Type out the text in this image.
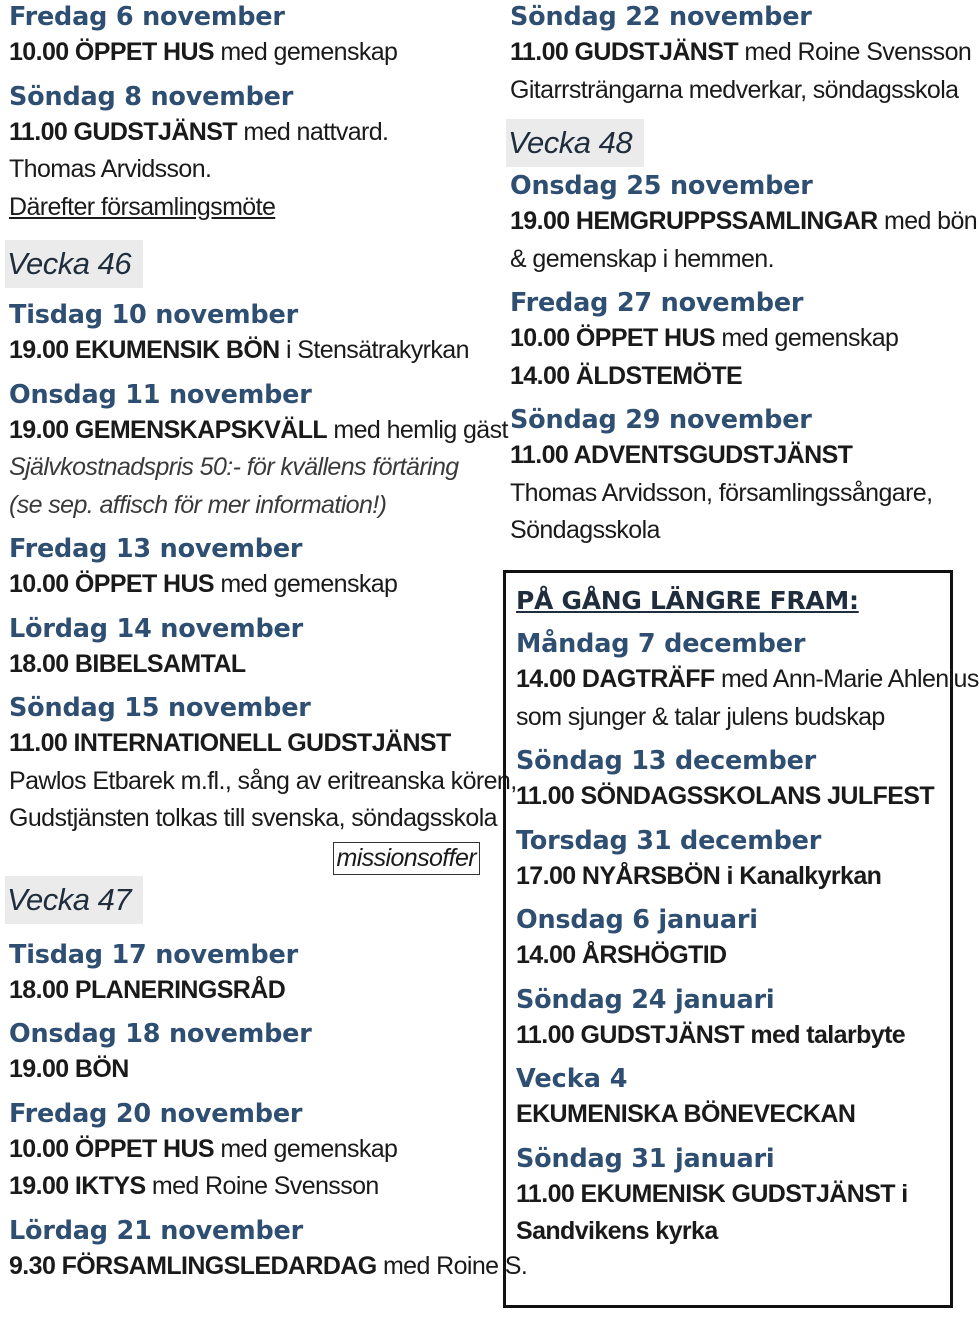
Fredag 6 november
10.00 ÖPPET HUS med gemenskap
Söndag 8 november
11.00 GUDSTJÄNST med nattvard.
Thomas Arvidsson.
Därefter församlingsmöte
Vecka 46
Tisdag 10 november
19.00 EKUMENSIK BÖN i Stensätrakyrkan
Onsdag 11 november
19.00 GEMENSKAPSKVÄLL med hemlig gäst
Självkostnadspris 50:- för kvällens förtäring
(se sep. affisch för mer information!)
Fredag 13 november
10.00 ÖPPET HUS med gemenskap
Lördag 14 november
18.00 BIBELSAMTAL
Söndag 15 november
11.00 INTERNATIONELL GUDSTJÄNST
Pawlos Etbarek m.fl., sång av eritreanska kören,
Gudstjänsten tolkas till svenska, söndagsskola
missionsoffer
Vecka 47
Tisdag 17 november
18.00 PLANERINGSRÅD
Onsdag 18 november
19.00 BÖN
Fredag 20 november
10.00 ÖPPET HUS med gemenskap
19.00 IKTYS med Roine Svensson
Lördag 21 november
9.30 FÖRSAMLINGSLEDARDAG med Roine S.
Söndag 22 november
11.00 GUDSTJÄNST med Roine Svensson
Gitarrsträngarna medverkar, söndagsskola
Vecka 48
Onsdag 25 november
19.00 HEMGRUPPSSAMLINGAR med bön
& gemenskap i hemmen.
Fredag 27 november
10.00 ÖPPET HUS med gemenskap
14.00 ÄLDSTEMÖTE
Söndag 29 november
11.00 ADVENTSGUDSTJÄNST
Thomas Arvidsson, församlingssångare,
Söndagsskola
PÅ GÅNG LÄNGRE FRAM:
Måndag 7 december
14.00 DAGTRÄFF med Ann-Marie Ahlenius
som sjunger & talar julens budskap
Söndag 13 december
11.00 SÖNDAGSSKOLANS JULFEST
Torsdag 31 december
17.00 NYÅRSBÖN i Kanalkyrkan
Onsdag 6 januari
14.00 ÅRSHÖGTID
Söndag 24 januari
11.00 GUDSTJÄNST med talarbyte
Vecka 4
EKUMENISKA BÖNEVECKAN
Söndag 31 januari
11.00 EKUMENISK GUDSTJÄNST i
Sandvikens kyrka
